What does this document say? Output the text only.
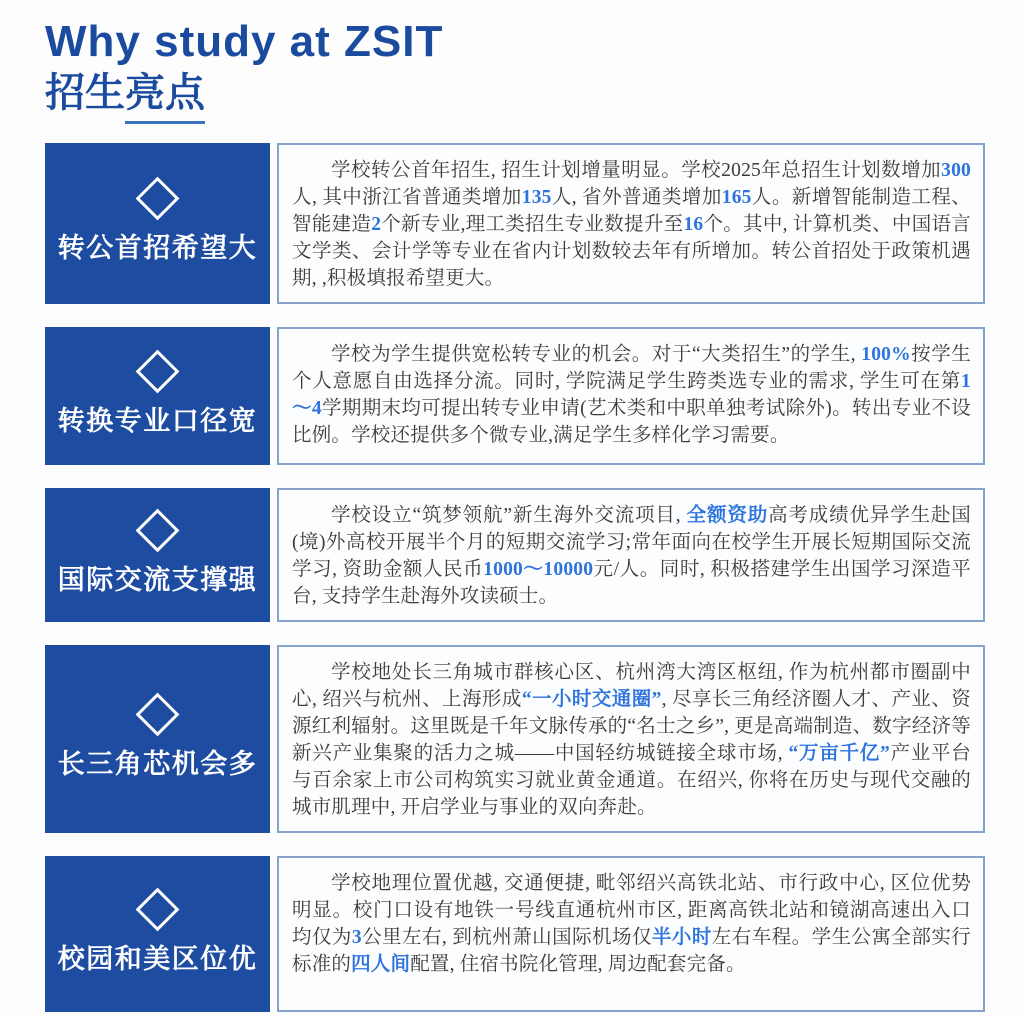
Why study at ZSIT
招生亮点
转公首招希望大

学校转公首年招生, 招生计划增量明显。学校2025年总招生计划数增加300人, 其中浙江省普通类增加135人, 省外普通类增加165人。新增智能制造工程、智能建造2个新专业,理工类招生专业数提升至16个。其中, 计算机类、中国语言文学类、会计学等专业在省内计划数较去年有所增加。转公首招处于政策机遇期, ,积极填报希望更大。

转换专业口径宽

学校为学生提供宽松转专业的机会。对于“大类招生”的学生, 100%按学生个人意愿自由选择分流。同时, 学院满足学生跨类选专业的需求, 学生可在第1～4学期期末均可提出转专业申请(艺术类和中职单独考试除外)。转出专业不设比例。学校还提供多个微专业,满足学生多样化学习需要。

国际交流支撑强

学校设立“筑梦领航”新生海外交流项目, 全额资助高考成绩优异学生赴国(境)外高校开展半个月的短期交流学习;常年面向在校学生开展长短期国际交流学习, 资助金额人民币1000～10000元/人。同时, 积极搭建学生出国学习深造平台, 支持学生赴海外攻读硕士。

长三角芯机会多

学校地处长三角城市群核心区、杭州湾大湾区枢纽, 作为杭州都市圈副中心, 绍兴与杭州、上海形成“一小时交通圈”, 尽享长三角经济圈人才、产业、资源红利辐射。这里既是千年文脉传承的“名士之乡”, 更是高端制造、数字经济等新兴产业集聚的活力之城——中国轻纺城链接全球市场, “万亩千亿”产业平台与百余家上市公司构筑实习就业黄金通道。在绍兴, 你将在历史与现代交融的城市肌理中, 开启学业与事业的双向奔赴。

校园和美区位优

学校地理位置优越, 交通便捷, 毗邻绍兴高铁北站、市行政中心, 区位优势明显。校门口设有地铁一号线直通杭州市区, 距离高铁北站和镜湖高速出入口均仅为3公里左右, 到杭州萧山国际机场仅半小时左右车程。学生公寓全部实行标准的四人间配置, 住宿书院化管理, 周边配套完备。
